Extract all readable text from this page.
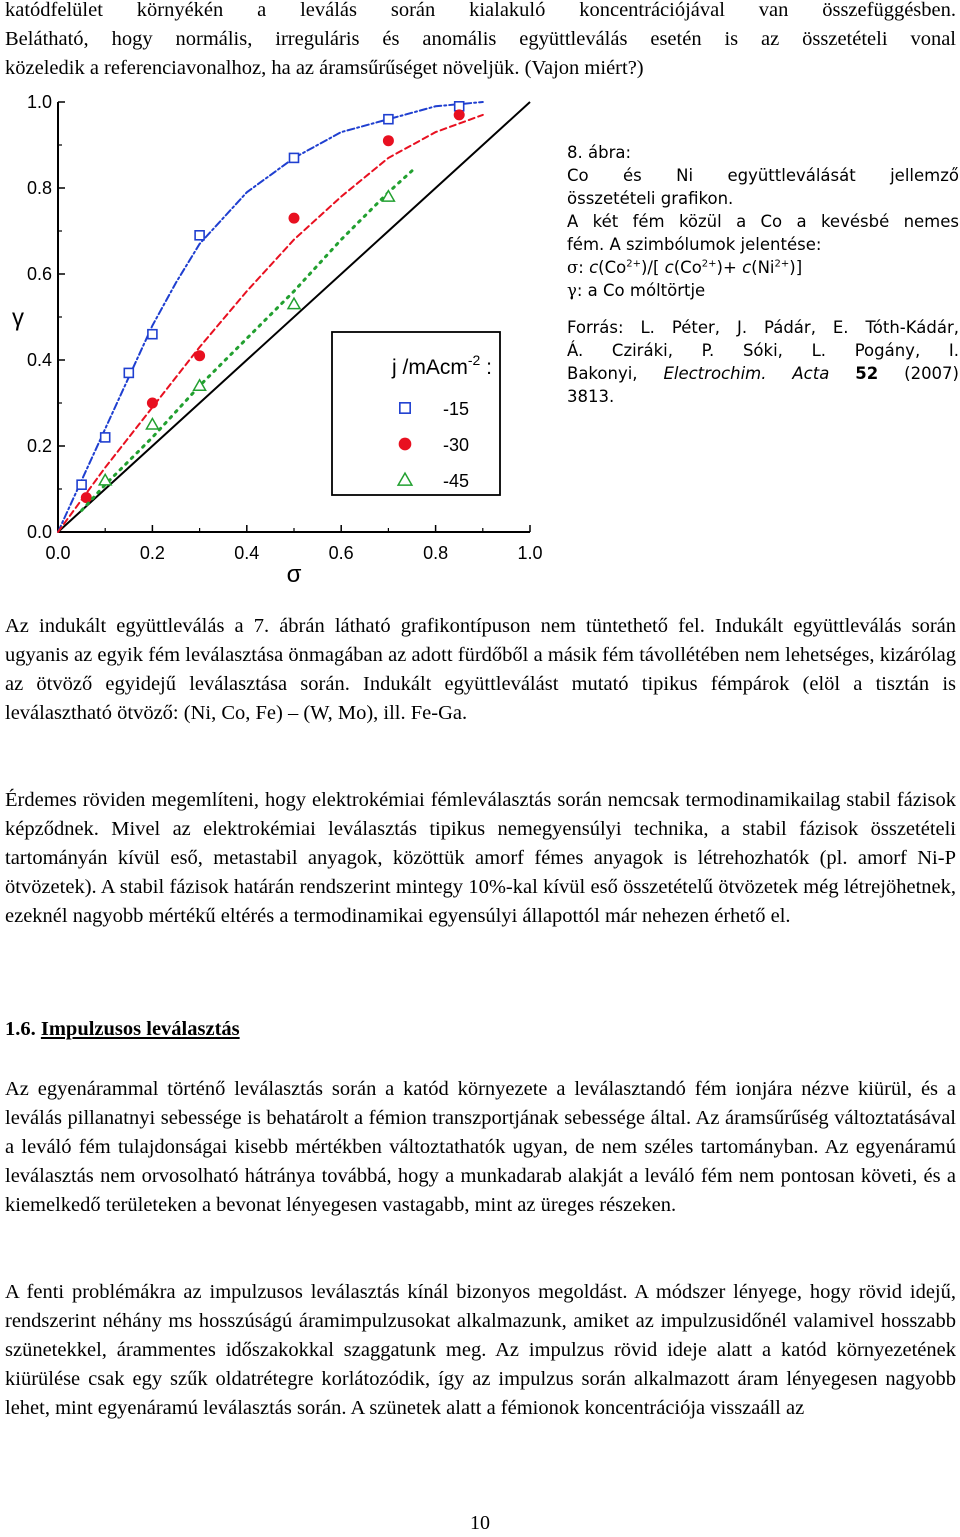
katódfelület környékén a leválás során kialakuló koncentrációjával van összefüggésben.
Belátható, hogy normális, irreguláris és anomális együttleválás esetén is az összetételi vonal
közeledik a referenciavonalhoz, ha az áramsűrűséget növeljük. (Vajon miért?)
0.0	0.2	0.4	0.6	0.8	1.0
0.0
0.2
0.4
0.6
0.8
1.0
j /mAcm$^{-2}$ :
-15
-30
-45
σ
γ
8. ábra:
Co és Ni együttleválását jellemző
összetételi grafikon.
A két fém közül a Co a kevésbé nemes
fém. A szimbólumok jelentése:
σ: $c(Co^{2+})/$[ $c(Co^{2+})+ c(Ni^{2+})$]
γ: a Co móltörtje
Forrás: L. Péter, J. Pádár, E. Tóth-Kádár,
Á. Cziráki, P. Sóki, L. Pogány, I.
Bakonyi, Electrochim. Acta 52 (2007)
3813.

Az indukált együttleválás a 7. ábrán látható grafikontípuson nem tüntethető fel. Indukált együttleválás során ugyanis az egyik fém leválasztása önmagában az adott fürdőből a másik fém távollétében nem lehetséges, kizárólag az ötvöző egyidejű leválasztása során. Indukált együttleválást mutató tipikus fémpárok (elöl a tisztán is leválasztható ötvöző: (Ni, Co, Fe) – (W, Mo), ill. Fe-Ga.

Érdemes röviden megemlíteni, hogy elektrokémiai fémleválasztás során nemcsak termodinamikailag stabil fázisok képződnek. Mivel az elektrokémiai leválasztás tipikus nemegyensúlyi technika, a stabil fázisok összetételi tartományán kívül eső, metastabil anyagok, közöttük amorf fémes anyagok is létrehozhatók (pl. amorf Ni-P ötvözetek). A stabil fázisok határán rendszerint mintegy 10%-kal kívül eső összetételű ötvözetek még létrejöhetnek, ezeknél nagyobb mértékű eltérés a termodinamikai egyensúlyi állapottól már nehezen érhető el.

1.6. Impulzusos leválasztás

Az egyenárammal történő leválasztás során a katód környezete a leválasztandó fém ionjára nézve kiürül, és a leválás pillanatnyi sebessége is behatárolt a fémion transzportjának sebessége által. Az áramsűrűség változtatásával a leváló fém tulajdonságai kisebb mértékben változtathatók ugyan, de nem széles tartományban. Az egyenáramú leválasztás nem orvosolható hátránya továbbá, hogy a munkadarab alakját a leváló fém nem pontosan követi, és a kiemelkedő területeken a bevonat lényegesen vastagabb, mint az üreges részeken.

A fenti problémákra az impulzusos leválasztás kínál bizonyos megoldást. A módszer lényege, hogy rövid idejű, rendszerint néhány ms hosszúságú áramimpulzusokat alkalmazunk, amiket az impulzusidőnél valamivel hosszabb szünetekkel, árammentes időszakokkal szaggatunk meg. Az impulzus rövid ideje alatt a katód környezetének kiürülése csak egy szűk oldatrétegre korlátozódik, így az impulzus során alkalmazott áram lényegesen nagyobb lehet, mint egyenáramú leválasztás során. A szünetek alatt a fémionok koncentrációja visszaáll az

10
